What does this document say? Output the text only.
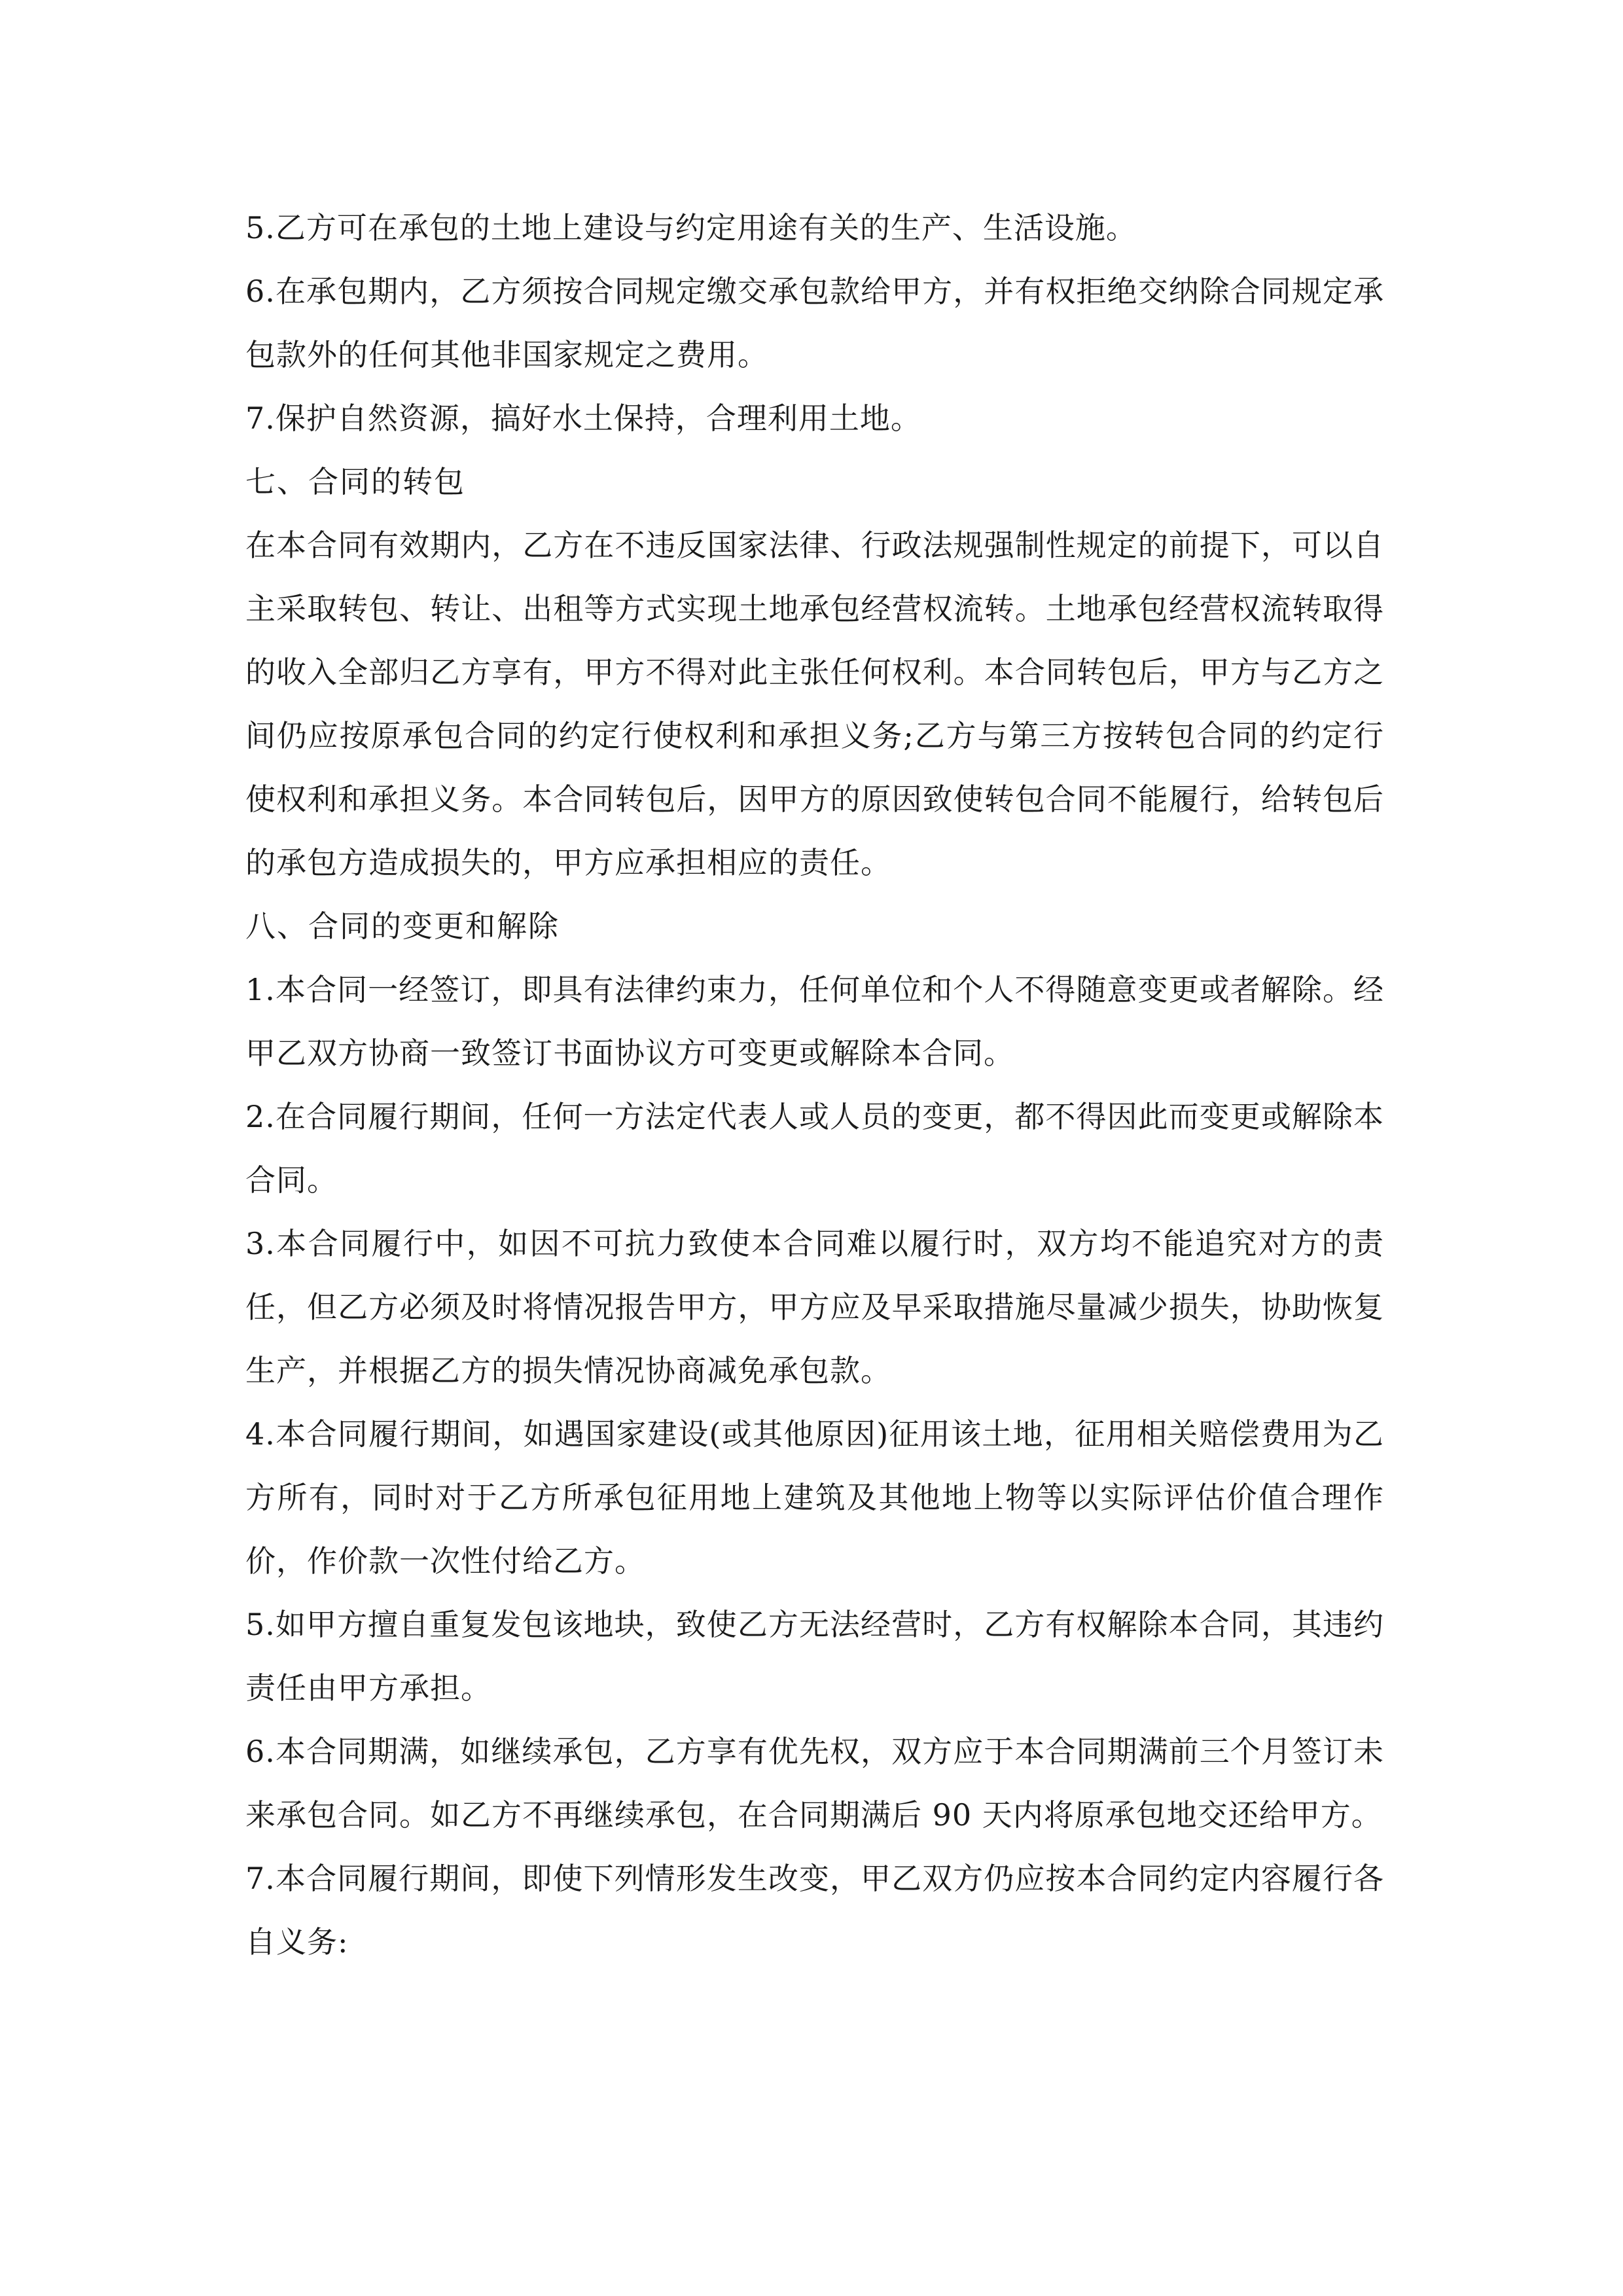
5.乙方可在承包的土地上建设与约定用途有关的生产、生活设施。

6.在承包期内，乙方须按合同规定缴交承包款给甲方，并有权拒绝交纳除合同规定承包款外的任何其他非国家规定之费用。

7.保护自然资源，搞好水土保持，合理利用土地。

七、合同的转包

在本合同有效期内，乙方在不违反国家法律、行政法规强制性规定的前提下，可以自主采取转包、转让、出租等方式实现土地承包经营权流转。土地承包经营权流转取得的收入全部归乙方享有，甲方不得对此主张任何权利。本合同转包后，甲方与乙方之间仍应按原承包合同的约定行使权利和承担义务;乙方与第三方按转包合同的约定行使权利和承担义务。本合同转包后，因甲方的原因致使转包合同不能履行，给转包后的承包方造成损失的，甲方应承担相应的责任。

八、合同的变更和解除

1.本合同一经签订，即具有法律约束力，任何单位和个人不得随意变更或者解除。经甲乙双方协商一致签订书面协议方可变更或解除本合同。

2.在合同履行期间，任何一方法定代表人或人员的变更，都不得因此而变更或解除本合同。

3.本合同履行中，如因不可抗力致使本合同难以履行时，双方均不能追究对方的责任，但乙方必须及时将情况报告甲方，甲方应及早采取措施尽量减少损失，协助恢复生产，并根据乙方的损失情况协商减免承包款。

4.本合同履行期间，如遇国家建设(或其他原因)征用该土地，征用相关赔偿费用为乙方所有，同时对于乙方所承包征用地上建筑及其他地上物等以实际评估价值合理作价，作价款一次性付给乙方。

5.如甲方擅自重复发包该地块，致使乙方无法经营时，乙方有权解除本合同，其违约责任由甲方承担。

6.本合同期满，如继续承包，乙方享有优先权，双方应于本合同期满前三个月签订未来承包合同。如乙方不再继续承包，在合同期满后 90 天内将原承包地交还给甲方。

7.本合同履行期间，即使下列情形发生改变，甲乙双方仍应按本合同约定内容履行各自义务:
